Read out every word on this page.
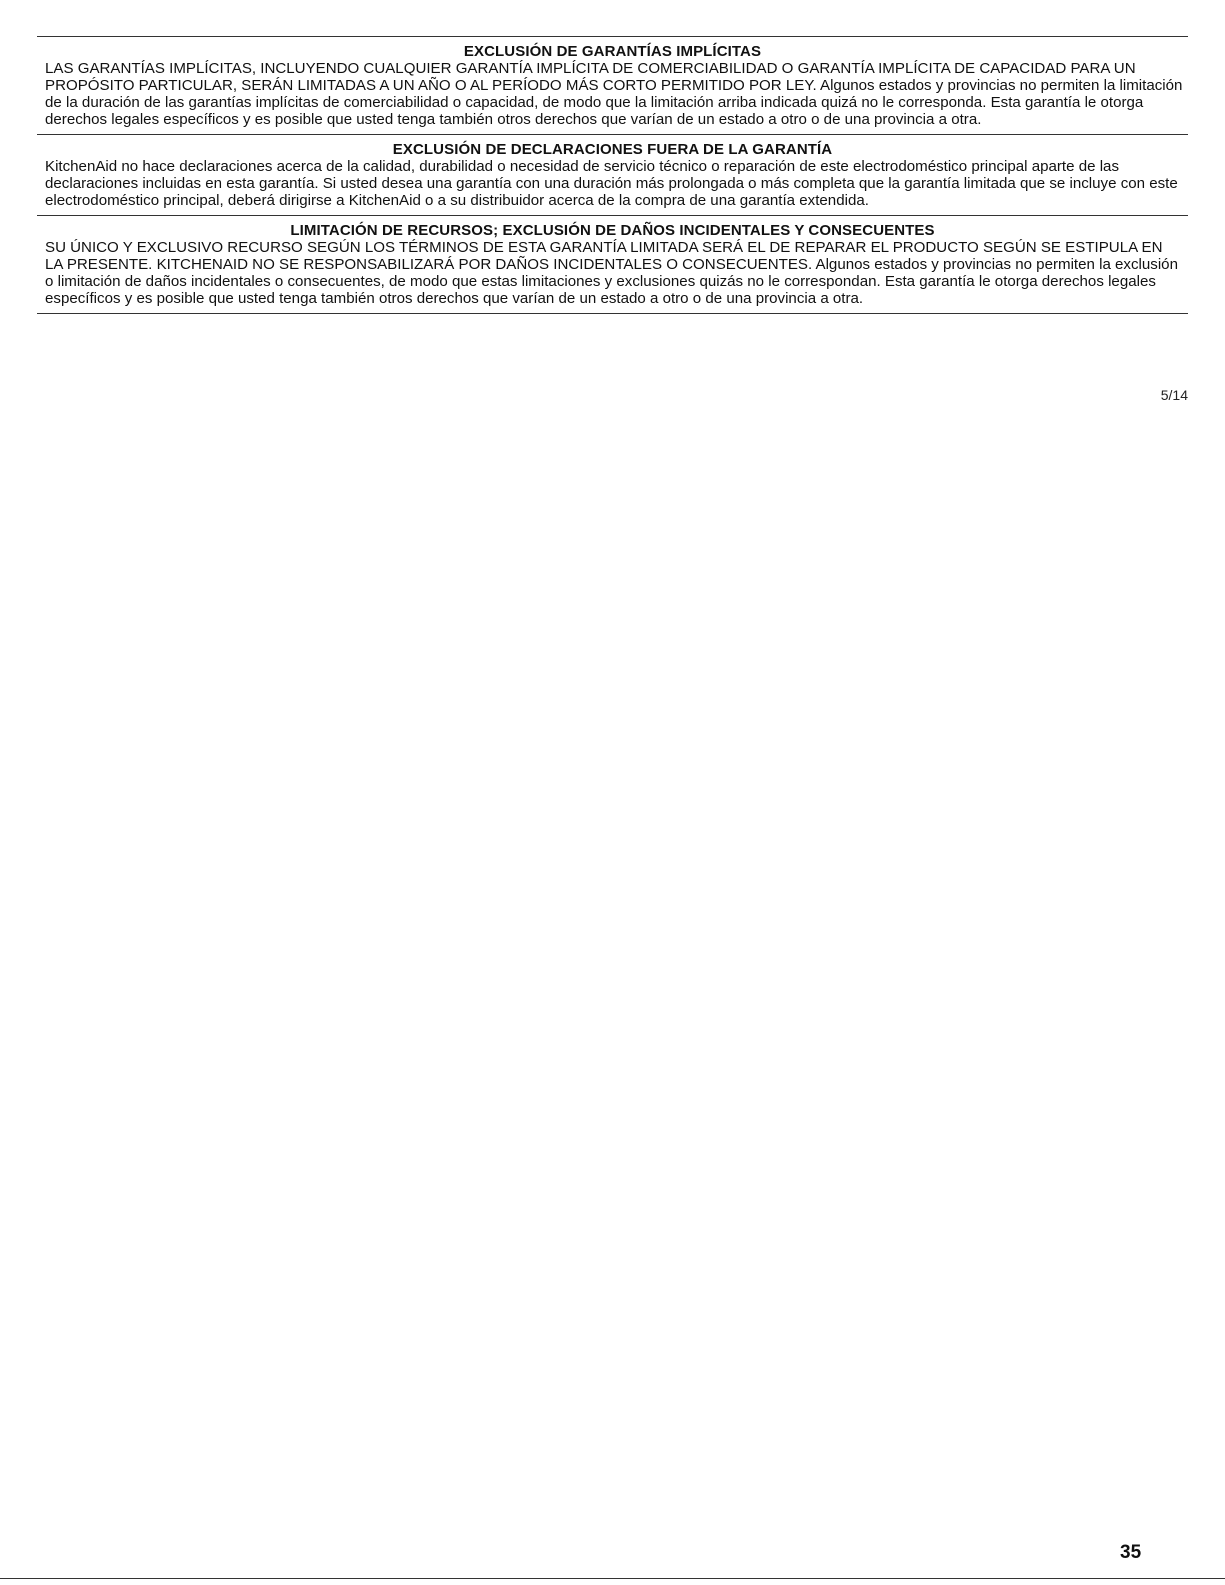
EXCLUSIÓN DE GARANTÍAS IMPLÍCITAS

LAS GARANTÍAS IMPLÍCITAS, INCLUYENDO CUALQUIER GARANTÍA IMPLÍCITA DE COMERCIABILIDAD O GARANTÍA IMPLÍCITA DE CAPACIDAD PARA UN PROPÓSITO PARTICULAR, SERÁN LIMITADAS A UN AÑO O AL PERÍODO MÁS CORTO PERMITIDO POR LEY. Algunos estados y provincias no permiten la limitación de la duración de las garantías implícitas de comerciabilidad o capacidad, de modo que la limitación arriba indicada quizá no le corresponda. Esta garantía le otorga derechos legales específicos y es posible que usted tenga también otros derechos que varían de un estado a otro o de una provincia a otra.

EXCLUSIÓN DE DECLARACIONES FUERA DE LA GARANTÍA

KitchenAid no hace declaraciones acerca de la calidad, durabilidad o necesidad de servicio técnico o reparación de este electrodoméstico principal aparte de las declaraciones incluidas en esta garantía. Si usted desea una garantía con una duración más prolongada o más completa que la garantía limitada que se incluye con este electrodoméstico principal, deberá dirigirse a KitchenAid o a su distribuidor acerca de la compra de una garantía extendida.

LIMITACIÓN DE RECURSOS; EXCLUSIÓN DE DAÑOS INCIDENTALES Y CONSECUENTES

SU ÚNICO Y EXCLUSIVO RECURSO SEGÚN LOS TÉRMINOS DE ESTA GARANTÍA LIMITADA SERÁ EL DE REPARAR EL PRODUCTO SEGÚN SE ESTIPULA EN LA PRESENTE. KITCHENAID NO SE RESPONSABILIZARÁ POR DAÑOS INCIDENTALES O CONSECUENTES. Algunos estados y provincias no permiten la exclusión o limitación de daños incidentales o consecuentes, de modo que estas limitaciones y exclusiones quizás no le correspondan. Esta garantía le otorga derechos legales específicos y es posible que usted tenga también otros derechos que varían de un estado a otro o de una provincia a otra.

5/14
35
